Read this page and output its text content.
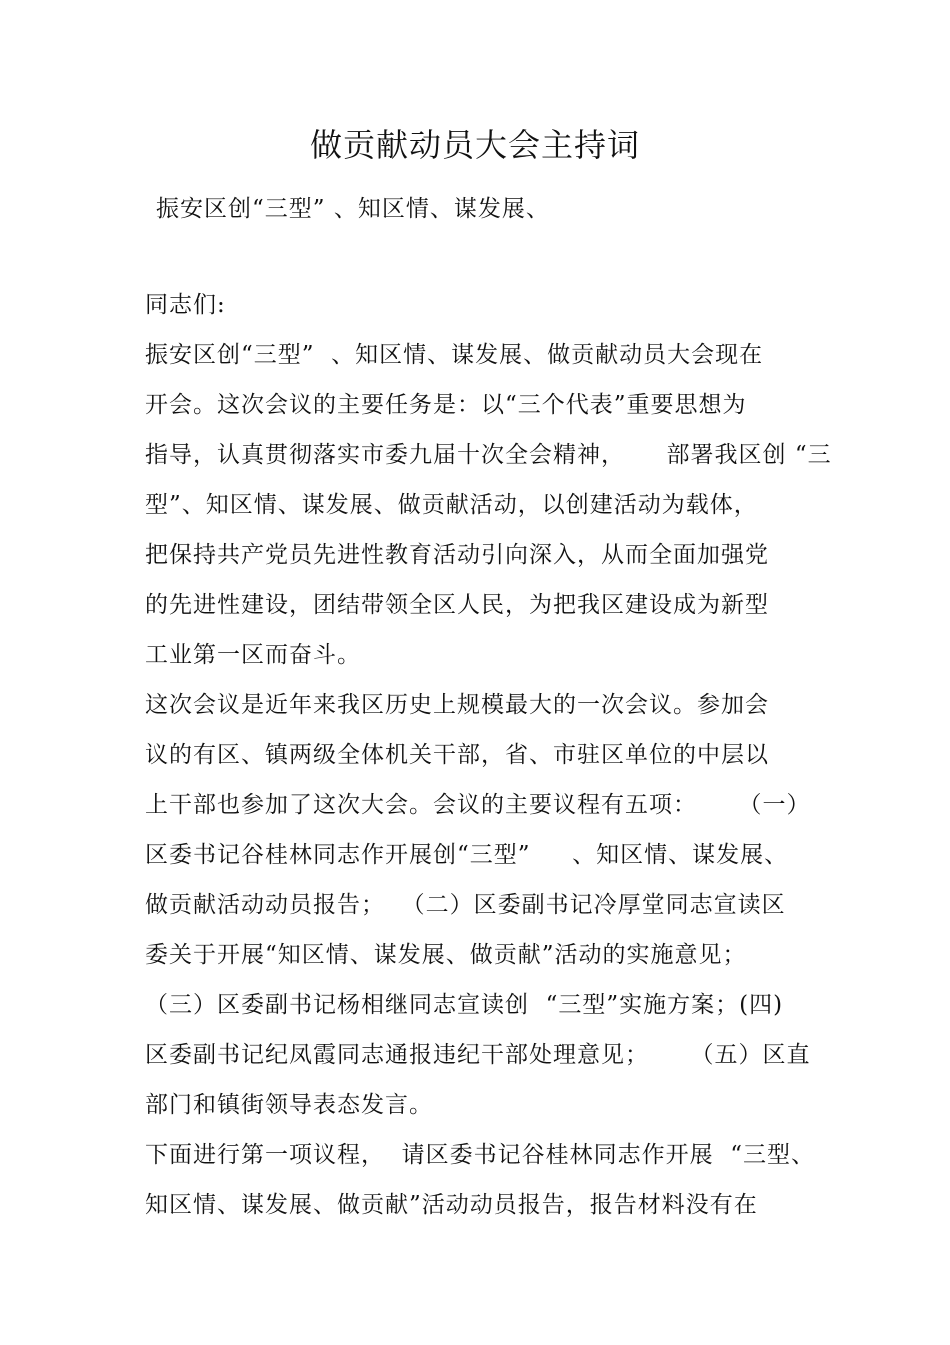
做贡献动员大会主持词
振安区创“三型” 、知区情、谋发展、
同志们:
振安区创“三型”  、知区情、谋发展、做贡献动员大会现在
开会。这次会议的主要任务是：以“三个代表”重要思想为
指导，认真贯彻落实市委九届十次全会精神，     部署我区创 “三
型”、知区情、谋发展、做贡献活动，以创建活动为载体，
把保持共产党员先进性教育活动引向深入，从而全面加强党
的先进性建设，团结带领全区人民，为把我区建设成为新型
工业第一区而奋斗。
这次会议是近年来我区历史上规模最大的一次会议。参加会
议的有区、镇两级全体机关干部，省、市驻区单位的中层以
上干部也参加了这次大会。会议的主要议程有五项：     （一）
区委书记谷桂林同志作开展创“三型”     、知区情、谋发展、
做贡献活动动员报告；  （二）区委副书记冷厚堂同志宣读区
委关于开展“知区情、谋发展、做贡献”活动的实施意见；
（三）区委副书记杨相继同志宣读创  “三型”实施方案；(四)
区委副书记纪凤霞同志通报违纪干部处理意见；     （五）区直
部门和镇街领导表态发言。
下面进行第一项议程，  请区委书记谷桂林同志作开展  “三型、
知区情、谋发展、做贡献”活动动员报告，报告材料没有在
